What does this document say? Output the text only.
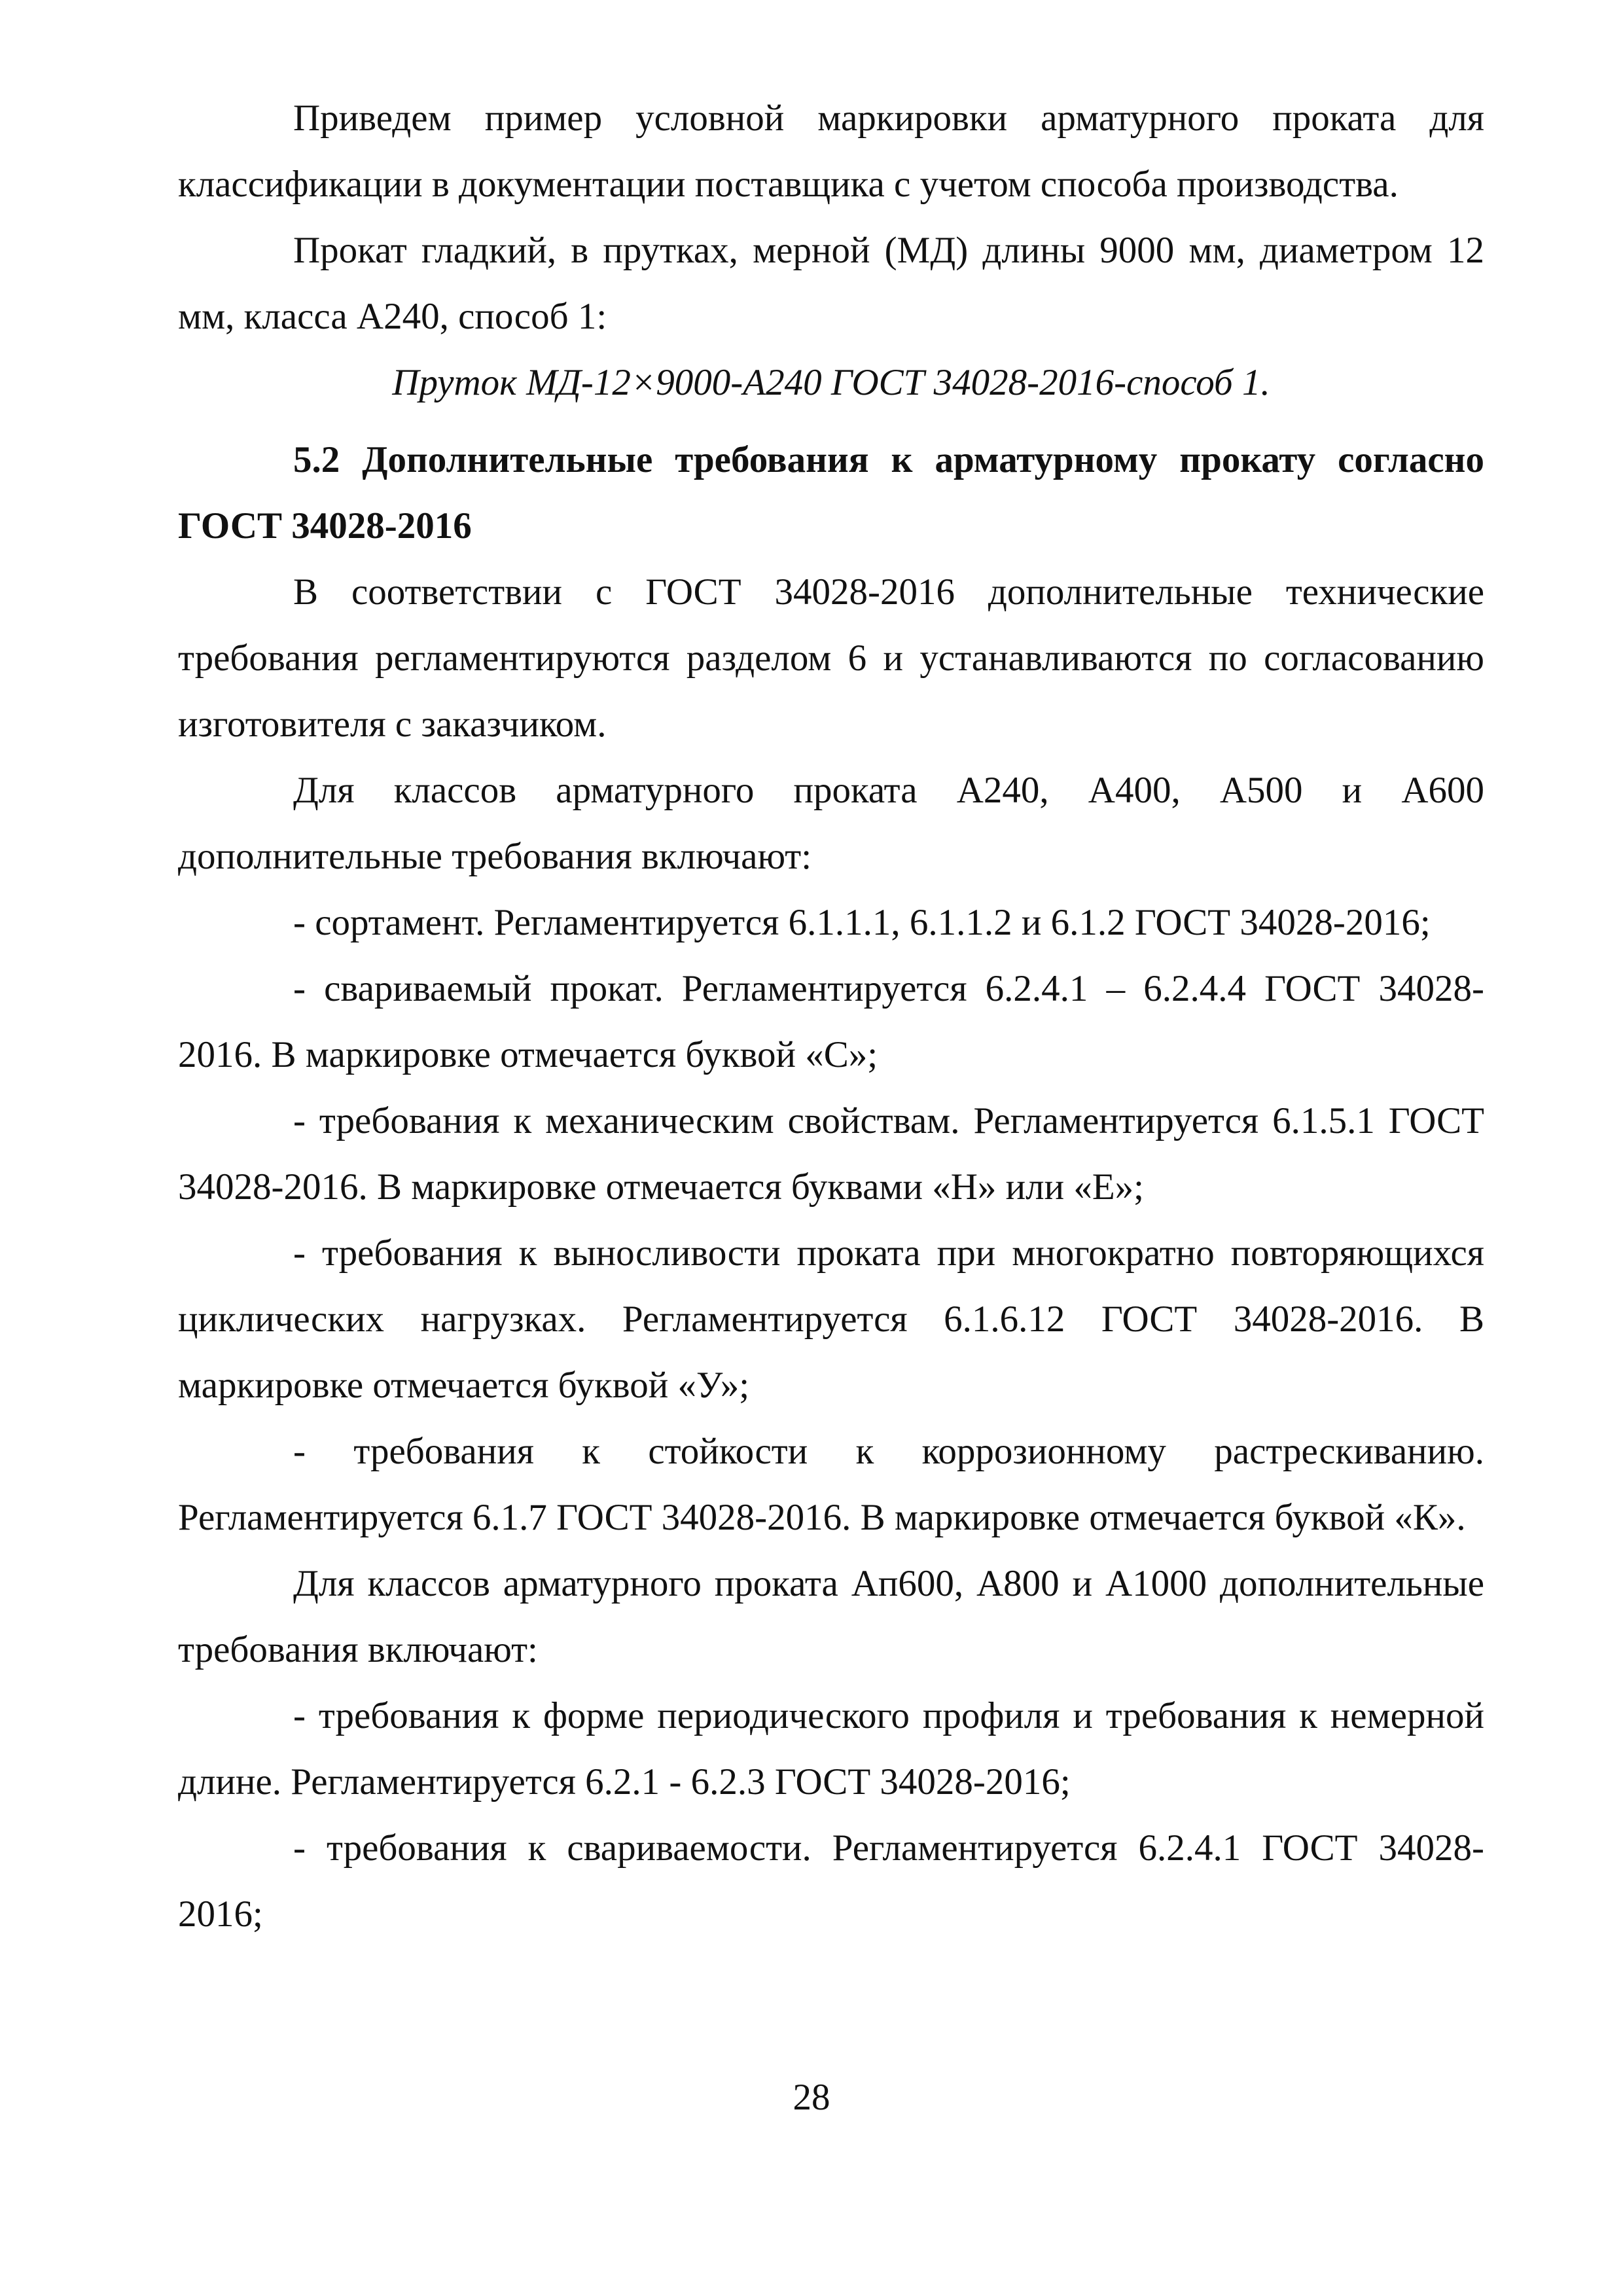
Приведем пример условной маркировки арматурного проката для классификации в документации поставщика с учетом способа производства.

Прокат гладкий, в прутках, мерной (МД) длины 9000 мм, диаметром 12 мм, класса А240, способ 1:

Пруток МД-12×9000-А240 ГОСТ 34028-2016-способ 1.

5.2 Дополнительные требования к арматурному прокату согласно ГОСТ 34028-2016

В соответствии с ГОСТ 34028-2016 дополнительные технические требования регламентируются разделом 6 и устанавливаются по согласованию изготовителя с заказчиком.

Для классов арматурного проката А240, А400, А500 и А600 дополнительные требования включают:

- сортамент. Регламентируется 6.1.1.1, 6.1.1.2 и 6.1.2 ГОСТ 34028-2016;

- свариваемый прокат. Регламентируется 6.2.4.1 – 6.2.4.4 ГОСТ 34028-2016. В маркировке отмечается буквой «С»;

- требования к механическим свойствам. Регламентируется 6.1.5.1 ГОСТ 34028-2016. В маркировке отмечается буквами «Н» или «Е»;

- требования к выносливости проката при многократно повторяющихся циклических нагрузках. Регламентируется 6.1.6.12 ГОСТ 34028-2016. В маркировке отмечается буквой «У»;

- требования к стойкости к коррозионному растрескиванию. Регламентируется 6.1.7 ГОСТ 34028-2016. В маркировке отмечается буквой «К».

Для классов арматурного проката Ап600, А800 и А1000 дополнительные требования включают:

- требования к форме периодического профиля и требования к немерной длине. Регламентируется 6.2.1 - 6.2.3 ГОСТ 34028-2016;

- требования к свариваемости. Регламентируется 6.2.4.1 ГОСТ 34028-2016;

28
